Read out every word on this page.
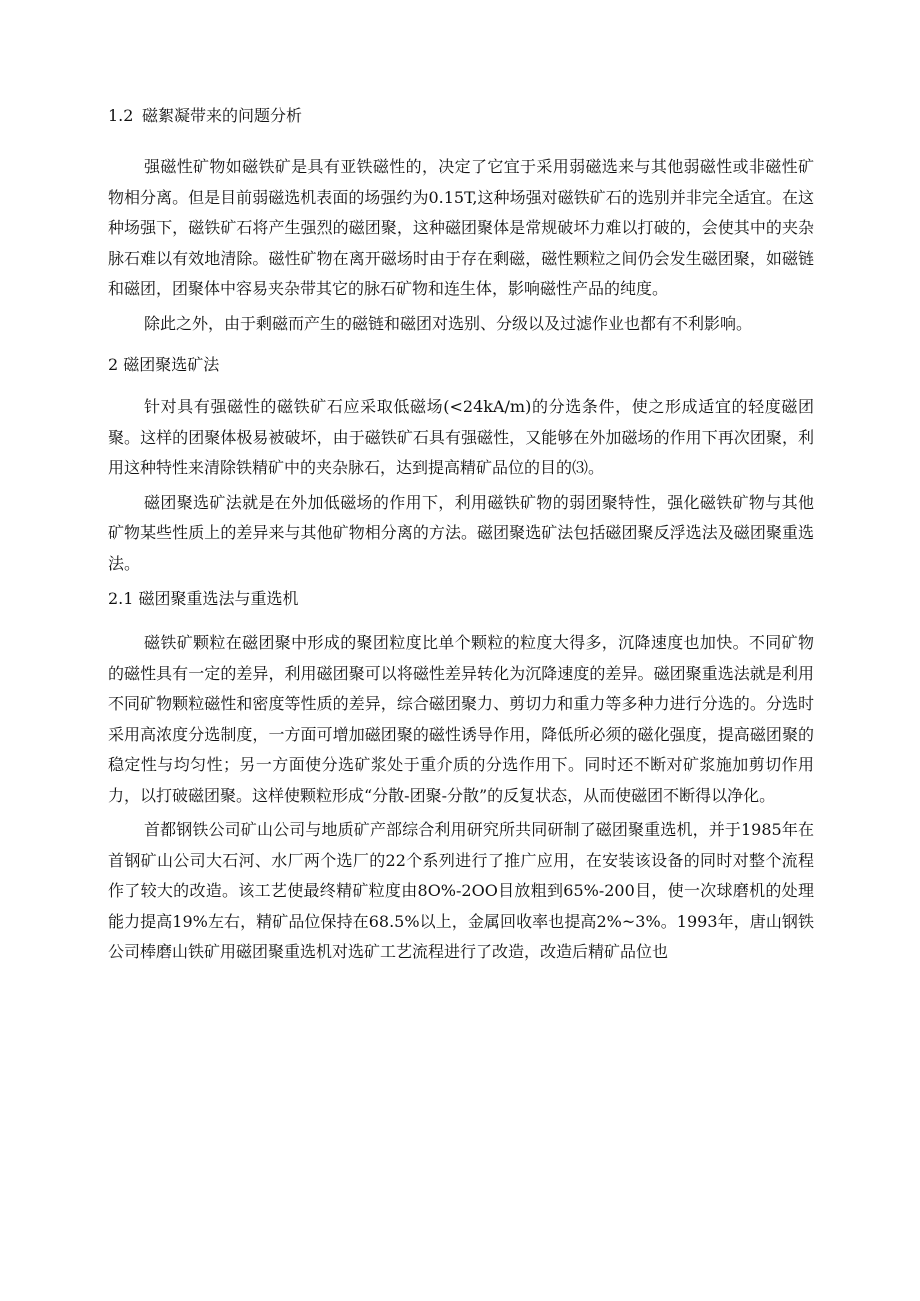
1.2 磁絮凝带来的问题分析

强磁性矿物如磁铁矿是具有亚铁磁性的，决定了它宜于采用弱磁选来与其他弱磁性或非磁性矿物相分离。但是目前弱磁选机表面的场强约为0.15T,这种场强对磁铁矿石的选别并非完全适宜。在这种场强下，磁铁矿石将产生强烈的磁团聚，这种磁团聚体是常规破坏力难以打破的，会使其中的夹杂脉石难以有效地清除。磁性矿物在离开磁场时由于存在剩磁，磁性颗粒之间仍会发生磁团聚，如磁链和磁团，团聚体中容易夹杂带其它的脉石矿物和连生体，影响磁性产品的纯度。

除此之外，由于剩磁而产生的磁链和磁团对选别、分级以及过滤作业也都有不利影响。

2 磁团聚选矿法

针对具有强磁性的磁铁矿石应采取低磁场(<24kA/m)的分选条件，使之形成适宜的轻度磁团聚。这样的团聚体极易被破坏，由于磁铁矿石具有强磁性，又能够在外加磁场的作用下再次团聚，利用这种特性来清除铁精矿中的夹杂脉石，达到提高精矿品位的目的⑶。

磁团聚选矿法就是在外加低磁场的作用下，利用磁铁矿物的弱团聚特性，强化磁铁矿物与其他矿物某些性质上的差异来与其他矿物相分离的方法。磁团聚选矿法包括磁团聚反浮选法及磁团聚重选法。

2.1 磁团聚重选法与重选机

磁铁矿颗粒在磁团聚中形成的聚团粒度比单个颗粒的粒度大得多，沉降速度也加快。不同矿物的磁性具有一定的差异，利用磁团聚可以将磁性差异转化为沉降速度的差异。磁团聚重选法就是利用不同矿物颗粒磁性和密度等性质的差异，综合磁团聚力、剪切力和重力等多种力进行分选的。分选时采用高浓度分选制度，一方面可增加磁团聚的磁性诱导作用，降低所必须的磁化强度，提高磁团聚的稳定性与均匀性；另一方面使分选矿浆处于重介质的分选作用下。同时还不断对矿浆施加剪切作用力，以打破磁团聚。这样使颗粒形成“分散-团聚-分散”的反复状态，从而使磁团不断得以净化。

首都钢铁公司矿山公司与地质矿产部综合利用研究所共同研制了磁团聚重选机，并于1985年在首钢矿山公司大石河、水厂两个选厂的22个系列进行了推广应用，在安装该设备的同时对整个流程作了较大的改造。该工艺使最终精矿粒度由8O%-2OO目放粗到65%-200目，使一次球磨机的处理能力提高19%左右，精矿品位保持在68.5%以上，金属回收率也提高2%~3%。1993年，唐山钢铁公司棒磨山铁矿用磁团聚重选机对选矿工艺流程进行了改造，改造后精矿品位也
